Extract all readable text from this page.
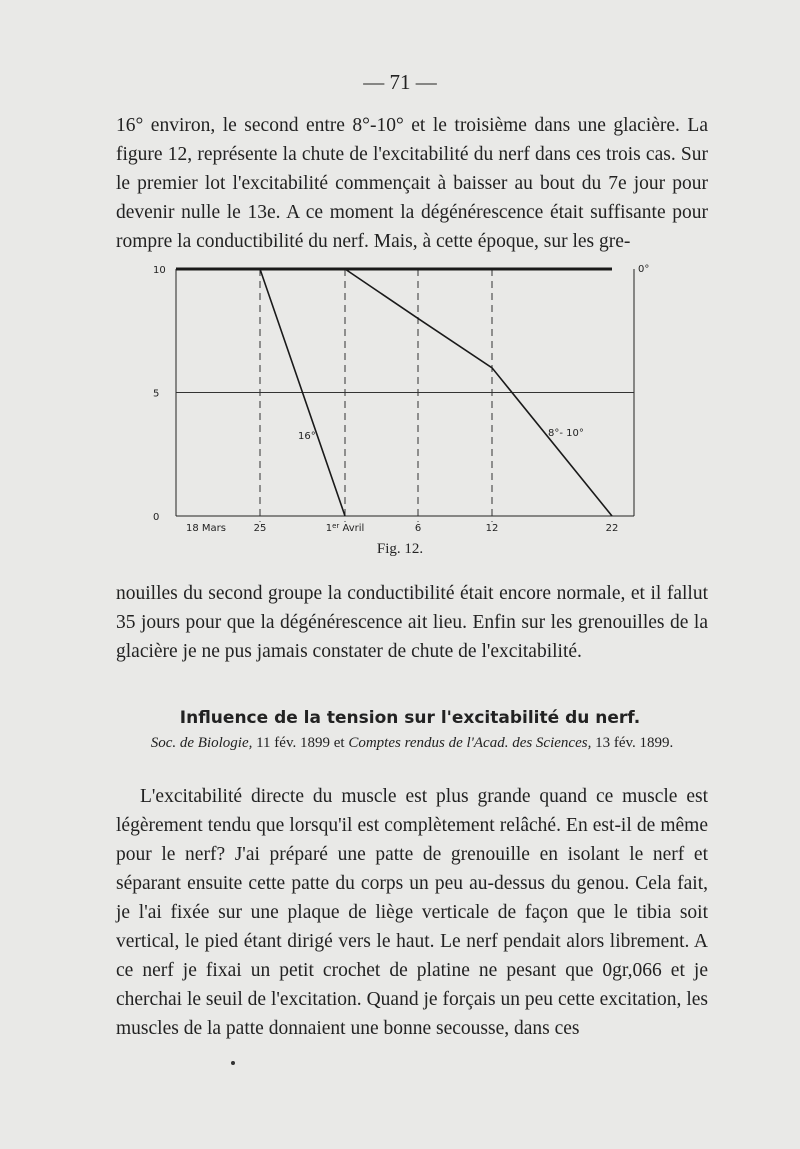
— 71 —

16° environ, le second entre 8°-10° et le troisième dans une glacière. La figure 12, représente la chute de l'excitabilité du nerf dans ces trois cas. Sur le premier lot l'excitabilité commençait à baisser au bout du 7e jour pour devenir nulle le 13e. A ce moment la dégénérescence était suffisante pour rompre la conductibilité du nerf. Mais, à cette époque, sur les gre-

10
5
0
18 Mars	25	1er Avril	6	12	22
16°	8°- 10°
0°
Fig. 12.

nouilles du second groupe la conductibilité était encore normale, et il fallut 35 jours pour que la dégénérescence ait lieu. Enfin sur les grenouilles de la glacière je ne pus jamais constater de chute de l'excitabilité.

Influence de la tension sur l'excitabilité du nerf.
Soc. de Biologie, 11 fév. 1899 et Comptes rendus de l'Acad. des Sciences, 13 fév. 1899.

L'excitabilité directe du muscle est plus grande quand ce muscle est légèrement tendu que lorsqu'il est complètement relâché. En est-il de même pour le nerf? J'ai préparé une patte de grenouille en isolant le nerf et séparant ensuite cette patte du corps un peu au-dessus du genou. Cela fait, je l'ai fixée sur une plaque de liège verticale de façon que le tibia soit vertical, le pied étant dirigé vers le haut. Le nerf pendait alors librement. A ce nerf je fixai un petit crochet de platine ne pesant que 0gr,066 et je cherchai le seuil de l'excitation. Quand je forçais un peu cette excitation, les muscles de la patte donnaient une bonne secousse, dans ces
